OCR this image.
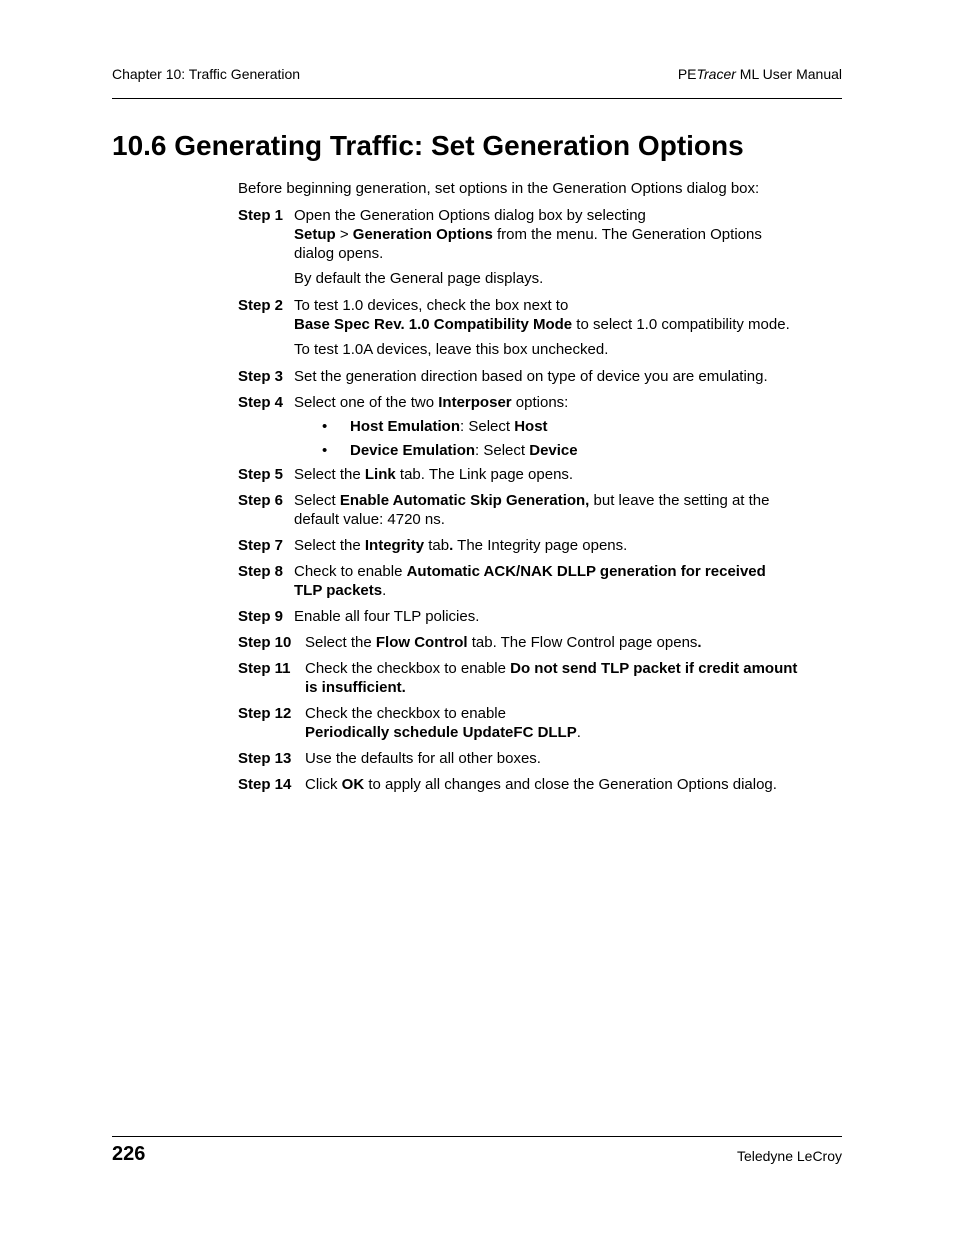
Chapter 10: Traffic Generation	PETracer ML User Manual
10.6 Generating Traffic: Set Generation Options
Before beginning generation, set options in the Generation Options dialog box:
Step 1 Open the Generation Options dialog box by selecting
Setup > Generation Options from the menu. The Generation Options dialog opens.
By default the General page displays.
Step 2 To test 1.0 devices, check the box next to
Base Spec Rev. 1.0 Compatibility Mode to select 1.0 compatibility mode.
To test 1.0A devices, leave this box unchecked.
Step 3 Set the generation direction based on type of device you are emulating.
Step 4 Select one of the two Interposer options:
•	Host Emulation: Select Host
•	Device Emulation: Select Device
Step 5 Select the Link tab. The Link page opens.
Step 6 Select Enable Automatic Skip Generation, but leave the setting at the default value: 4720 ns.
Step 7 Select the Integrity tab. The Integrity page opens.
Step 8 Check to enable Automatic ACK/NAK DLLP generation for received TLP packets.
Step 9 Enable all four TLP policies.
Step 10 Select the Flow Control tab. The Flow Control page opens.
Step 11 Check the checkbox to enable Do not send TLP packet if credit amount is insufficient.
Step 12 Check the checkbox to enable
Periodically schedule UpdateFC DLLP.
Step 13 Use the defaults for all other boxes.
Step 14 Click OK to apply all changes and close the Generation Options dialog.
226	Teledyne LeCroy
